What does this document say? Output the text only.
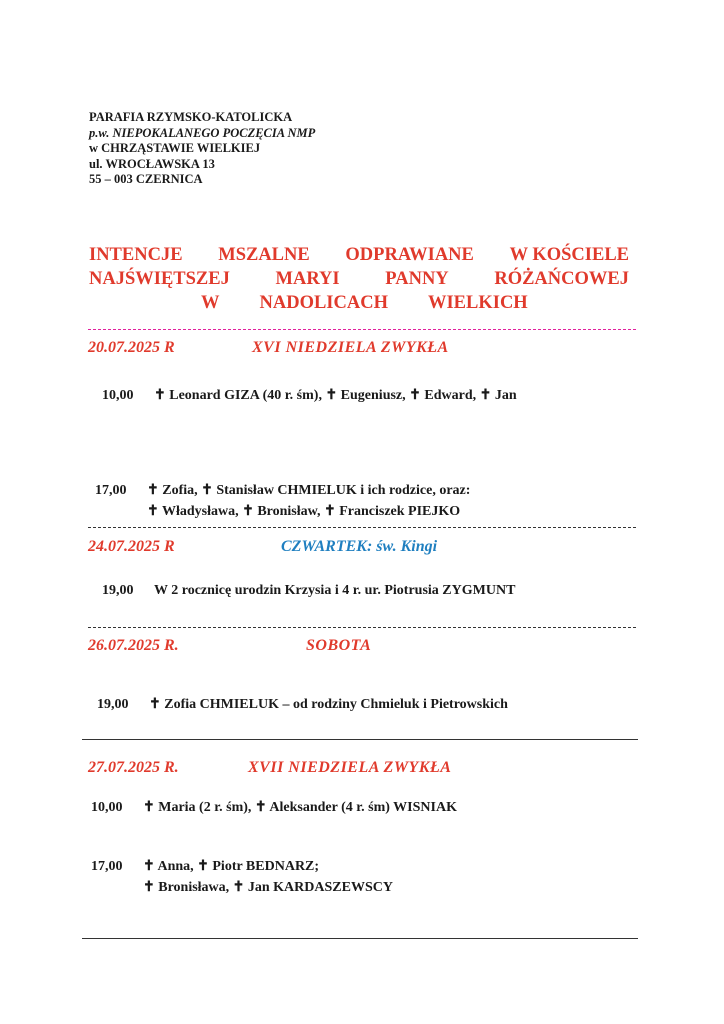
PARAFIA RZYMSKO-KATOLICKA
p.w. NIEPOKALANEGO POCZĘCIA NMP
w CHRZĄSTAWIE WIELKIEJ
ul. WROCŁAWSKA 13
55 – 003 CZERNICA
INTENCJE MSZALNE ODPRAWIANE W KOŚCIELE
NAJŚWIĘTSZEJ MARYI PANNY RÓŻAŃCOWEJ
W NADOLICACH WIELKICH
20.07.2025 R	XVI NIEDZIELA ZWYKŁA
10,00 ✝ Leonard GIZA (40 r. śm), ✝ Eugeniusz, ✝ Edward, ✝ Jan
17,00 ✝ Zofia, ✝ Stanisław CHMIELUK i ich rodzice, oraz:
✝ Władysława, ✝ Bronisław, ✝ Franciszek PIEJKO
24.07.2025 R	CZWARTEK: św. Kingi
19,00 W 2 rocznicę urodzin Krzysia i 4 r. ur. Piotrusia ZYGMUNT
26.07.2025 R.	SOBOTA
19,00 ✝ Zofia CHMIELUK – od rodziny Chmieluk i Pietrowskich
27.07.2025 R.	XVII NIEDZIELA ZWYKŁA
10,00 ✝ Maria (2 r. śm), ✝ Aleksander (4 r. śm) WISNIAK
17,00 ✝ Anna, ✝ Piotr BEDNARZ;
✝ Bronisława, ✝ Jan KARDASZEWSCY
